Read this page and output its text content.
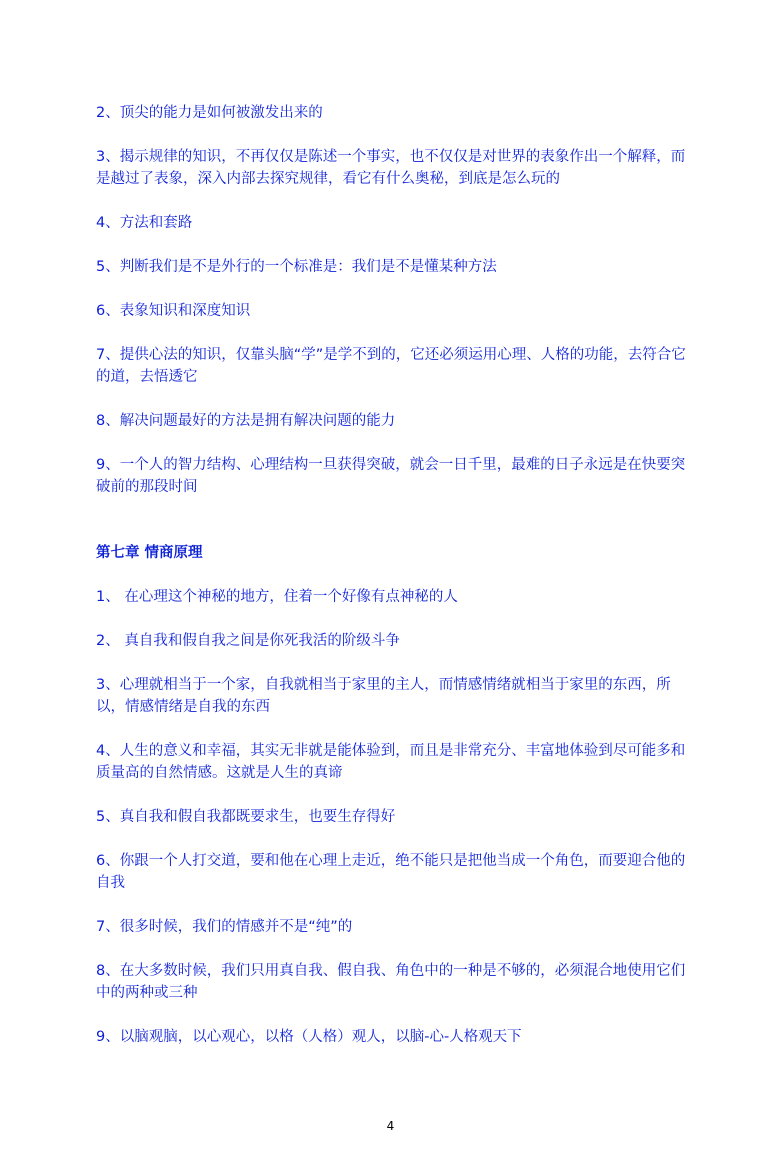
2、顶尖的能力是如何被激发出来的

3、揭示规律的知识，不再仅仅是陈述一个事实，也不仅仅是对世界的表象作出一个解释，而是越过了表象，深入内部去探究规律，看它有什么奥秘，到底是怎么玩的

4、方法和套路

5、判断我们是不是外行的一个标准是：我们是不是懂某种方法

6、表象知识和深度知识

7、提供心法的知识，仅靠头脑“学”是学不到的，它还必须运用心理、人格的功能，去符合它的道，去悟透它

8、解决问题最好的方法是拥有解决问题的能力

9、一个人的智力结构、心理结构一旦获得突破，就会一日千里，最难的日子永远是在快要突破前的那段时间

第七章 情商原理

1、 在心理这个神秘的地方，住着一个好像有点神秘的人

2、 真自我和假自我之间是你死我活的阶级斗争

3、心理就相当于一个家，自我就相当于家里的主人，而情感情绪就相当于家里的东西，所以，情感情绪是自我的东西

4、人生的意义和幸福，其实无非就是能体验到，而且是非常充分、丰富地体验到尽可能多和质量高的自然情感。这就是人生的真谛

5、真自我和假自我都既要求生，也要生存得好

6、你跟一个人打交道，要和他在心理上走近，绝不能只是把他当成一个角色，而要迎合他的自我

7、很多时候，我们的情感并不是“纯”的

8、在大多数时候，我们只用真自我、假自我、角色中的一种是不够的，必须混合地使用它们中的两种或三种

9、以脑观脑，以心观心，以格（人格）观人，以脑-心-人格观天下

4
